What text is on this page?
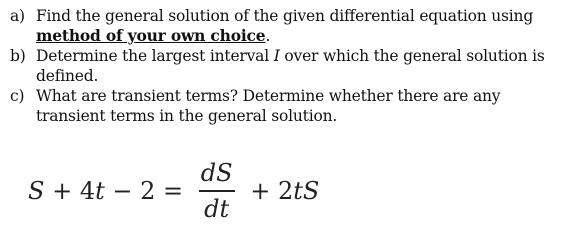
a) Find the general solution of the given differential equation using method of your own choice.
b) Determine the largest interval I over which the general solution is defined.
c) What are transient terms? Determine whether there are any transient terms in the general solution.
S + 4 $t - 2 = \frac{dS}{dt} + 2$ tS
